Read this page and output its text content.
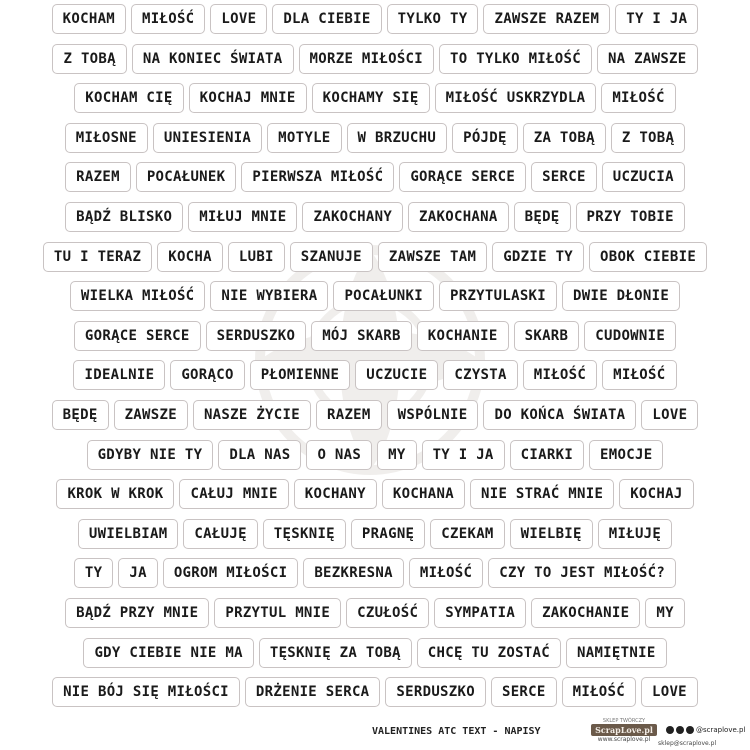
KOCHAM	MIŁOŚĆ	LOVE	DLA CIEBIE	TYLKO TY	ZAWSZE RAZEM	TY I JA
Z TOBĄ	NA KONIEC ŚWIATA	MORZE MIŁOŚCI	TO TYLKO MIŁOŚĆ	NA ZAWSZE
KOCHAM CIĘ	KOCHAJ MNIE	KOCHAMY SIĘ	MIŁOŚĆ USKRZYDLA	MIŁOŚĆ
MIŁOSNE	UNIESIENIA	MOTYLE	W BRZUCHU	PÓJDĘ	ZA TOBĄ	Z TOBĄ
RAZEM	POCAŁUNEK	PIERWSZA MIŁOŚĆ	GORĄCE SERCE	SERCE	UCZUCIA
BĄDŹ BLISKO	MIŁUJ MNIE	ZAKOCHANY	ZAKOCHANA	BĘDĘ	PRZY TOBIE
TU I TERAZ	KOCHA	LUBI	SZANUJE	ZAWSZE TAM	GDZIE TY	OBOK CIEBIE
WIELKA MIŁOŚĆ	NIE WYBIERA	POCAŁUNKI	PRZYTULASKI	DWIE DŁONIE
GORĄCE SERCE	SERDUSZKO	MÓJ SKARB	KOCHANIE	SKARB	CUDOWNIE
IDEALNIE	GORĄCO	PŁOMIENNE	UCZUCIE	CZYSTA	MIŁOŚĆ	MIŁOŚĆ
BĘDĘ	ZAWSZE	NASZE ŻYCIE	RAZEM	WSPÓLNIE	DO KOŃCA ŚWIATA	LOVE
GDYBY NIE TY	DLA NAS	O NAS	MY	TY I JA	CIARKI	EMOCJE
KROK W KROK	CAŁUJ MNIE	KOCHANY	KOCHANA	NIE STRAĆ MNIE	KOCHAJ
UWIELBIAM	CAŁUJĘ	TĘSKNIĘ	PRAGNĘ	CZEKAM	WIELBIĘ	MIŁUJĘ
TY	JA	OGROM MIŁOŚCI	BEZKRESNA	MIŁOŚĆ	CZY TO JEST MIŁOŚĆ?
BĄDŹ PRZY MNIE	PRZYTUL MNIE	CZUŁOŚĆ	SYMPATIA	ZAKOCHANIE	MY
GDY CIEBIE NIE MA	TĘSKNIĘ ZA TOBĄ	CHCĘ TU ZOSTAĆ	NAMIĘTNIE
NIE BÓJ SIĘ MIŁOŚCI	DRŻENIE SERCA	SERDUSZKO	SERCE	MIŁOŚĆ	LOVE
VALENTINES ATC TEXT - NAPISY
SKLEP TWÓRCZY
ScrapLove.pl
www.scraplove.pl
@scraplove.pl
sklep@scraplove.pl
